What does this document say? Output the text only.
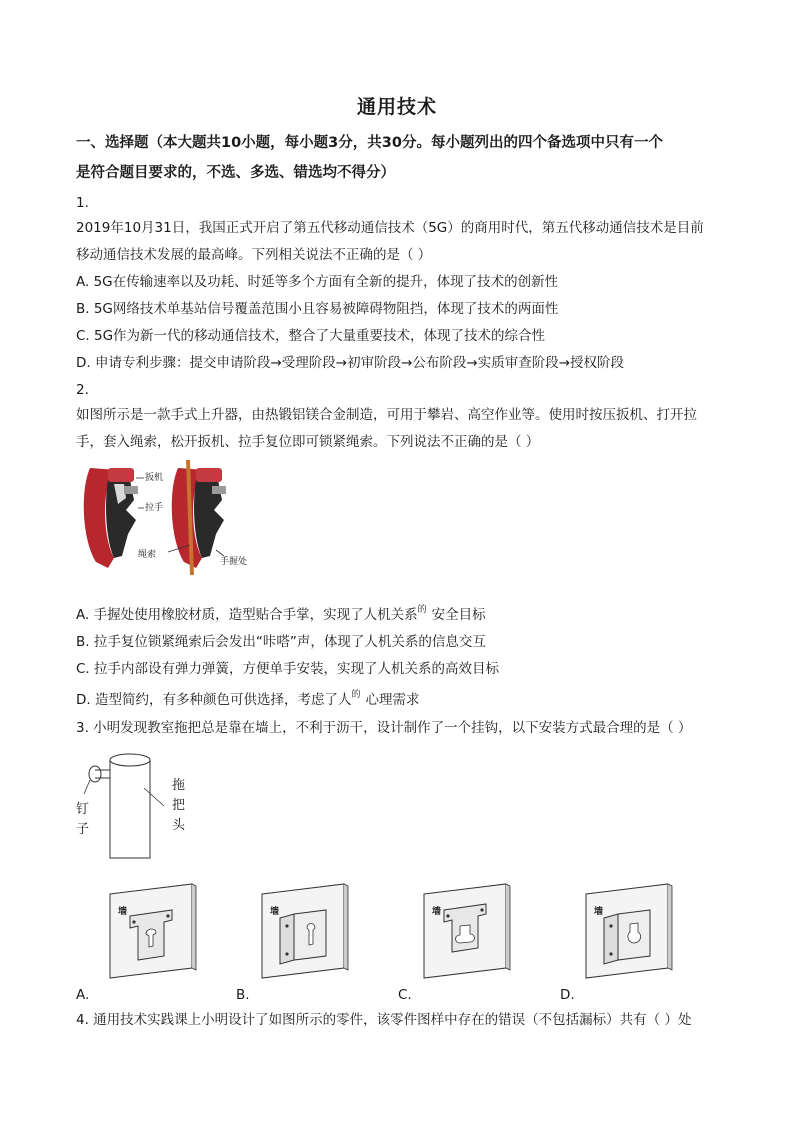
通用技术
一、选择题（本大题共10小题，每小题3分，共30分。每小题列出的四个备选项中只有一个
是符合题目要求的，不选、多选、错选均不得分）
1.
2019年10月31日，我国正式开启了第五代移动通信技术（5G）的商用时代，第五代移动通信技术是目前
移动通信技术发展的最高峰。下列相关说法不正确的是（ ）
A. 5G在传输速率以及功耗、时延等多个方面有全新的提升，体现了技术的创新性
B. 5G网络技术单基站信号覆盖范围小且容易被障碍物阻挡，体现了技术的两面性
C. 5G作为新一代的移动通信技术，整合了大量重要技术，体现了技术的综合性
D. 申请专利步骤：提交申请阶段→受理阶段→初审阶段→公布阶段→实质审查阶段→授权阶段
2.
如图所示是一款手式上升器，由热锻铝镁合金制造，可用于攀岩、高空作业等。使用时按压扳机、打开拉
手，套入绳索，松开扳机、拉手复位即可锁紧绳索。下列说法不正确的是（ ）
扳机
拉手
绳索
手握处
A. 手握处使用橡胶材质，造型贴合手掌，实现了人机关系 的 安全目标
B. 拉手复位锁紧绳索后会发出“咔嗒”声，体现了人机关系的信息交互
C. 拉手内部设有弹力弹簧，方便单手安装，实现了人机关系的高效目标
D. 造型简约，有多种颜色可供选择，考虑了人 的 心理需求
3. 小明发现教室拖把总是靠在墙上，不利于沥干，设计制作了一个挂钩，以下安装方式最合理的是（ ）
钉
子
拖
把
头
墙	墙	墙	墙
A.	B.	C.	D.
4. 通用技术实践课上小明设计了如图所示的零件，该零件图样中存在的错误（不包括漏标）共有（ ）处
